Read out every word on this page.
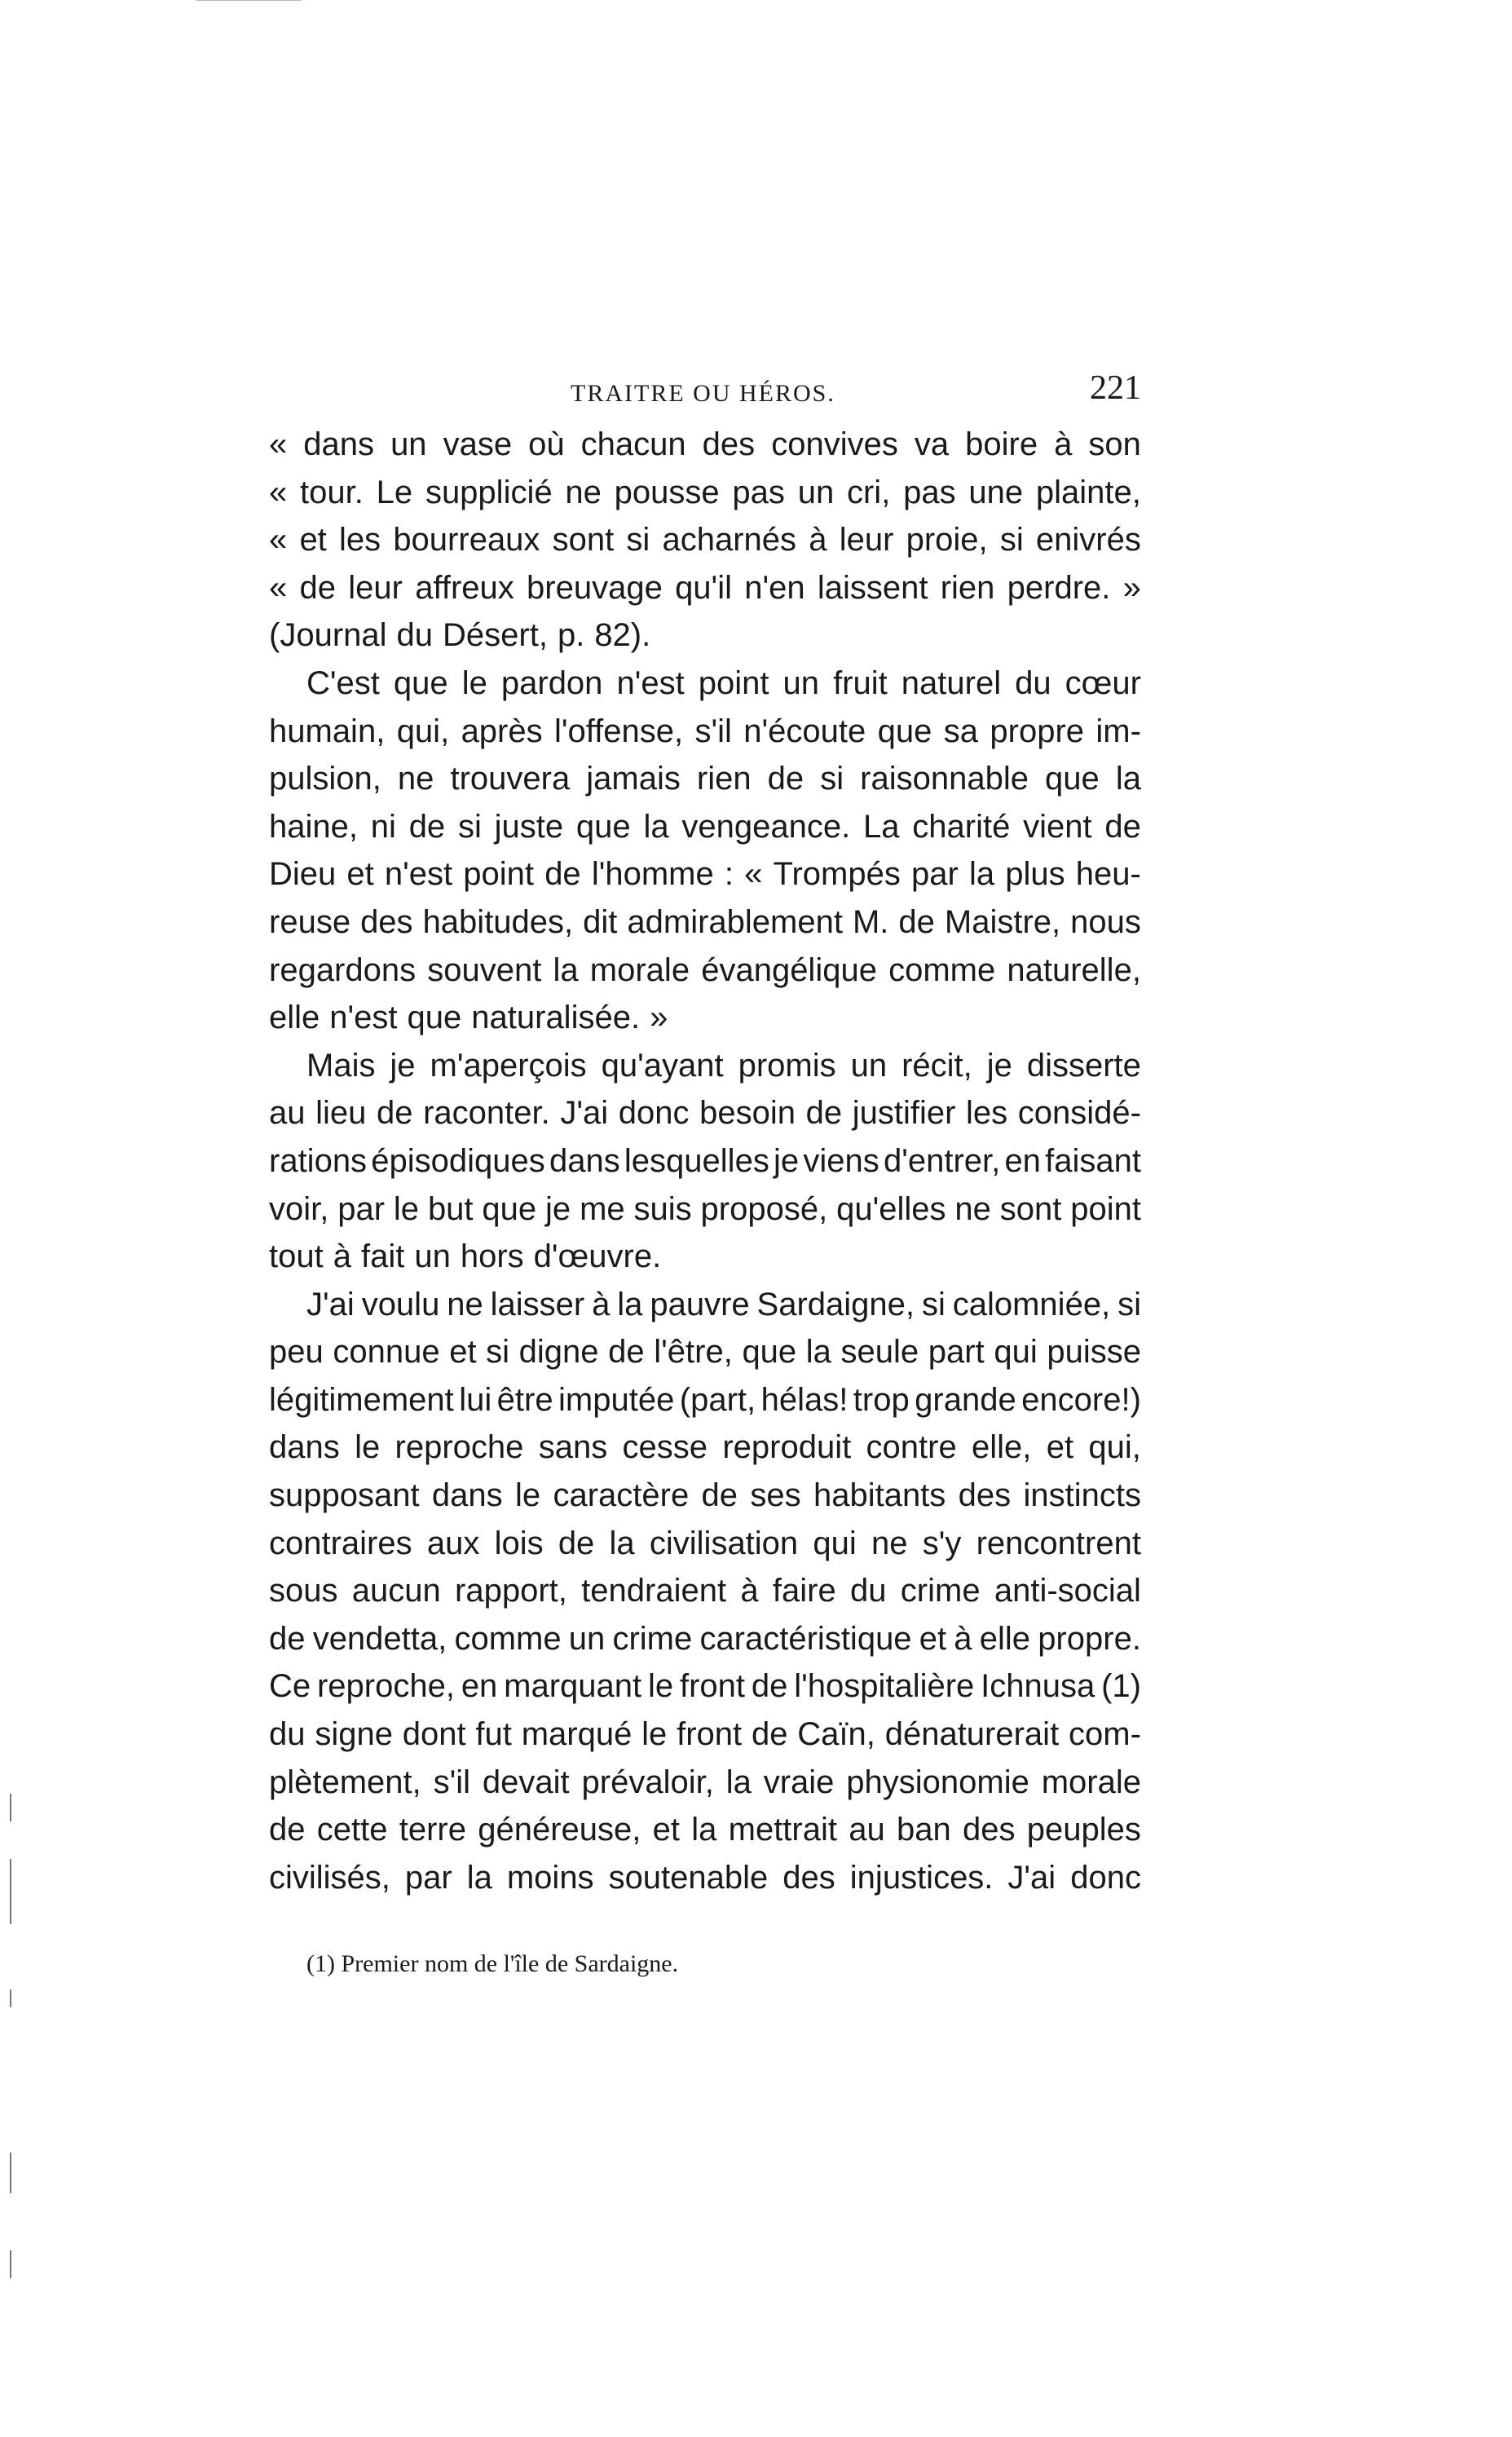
TRAITRE OU HÉROS.	221
« dans un vase où chacun des convives va boire à son
« tour. Le supplicié ne pousse pas un cri, pas une plainte,
« et les bourreaux sont si acharnés à leur proie, si enivrés
« de leur affreux breuvage qu'il n'en laissent rien perdre. »
(Journal du Désert, p. 82).
C'est que le pardon n'est point un fruit naturel du cœur
humain, qui, après l'offense, s'il n'écoute que sa propre im-
pulsion, ne trouvera jamais rien de si raisonnable que la
haine, ni de si juste que la vengeance. La charité vient de
Dieu et n'est point de l'homme : « Trompés par la plus heu-
reuse des habitudes, dit admirablement M. de Maistre, nous
regardons souvent la morale évangélique comme naturelle,
elle n'est que naturalisée. »
Mais je m'aperçois qu'ayant promis un récit, je disserte
au lieu de raconter. J'ai donc besoin de justifier les considé-
rations épisodiques dans lesquelles je viens d'entrer, en faisant
voir, par le but que je me suis proposé, qu'elles ne sont point
tout à fait un hors d'œuvre.
J'ai voulu ne laisser à la pauvre Sardaigne, si calomniée, si
peu connue et si digne de l'être, que la seule part qui puisse
légitimement lui être imputée (part, hélas! trop grande encore!)
dans le reproche sans cesse reproduit contre elle, et qui,
supposant dans le caractère de ses habitants des instincts
contraires aux lois de la civilisation qui ne s'y rencontrent
sous aucun rapport, tendraient à faire du crime anti-social
de vendetta, comme un crime caractéristique et à elle propre.
Ce reproche, en marquant le front de l'hospitalière Ichnusa (1)
du signe dont fut marqué le front de Caïn, dénaturerait com-
plètement, s'il devait prévaloir, la vraie physionomie morale
de cette terre généreuse, et la mettrait au ban des peuples
civilisés, par la moins soutenable des injustices. J'ai donc
(1) Premier nom de l'île de Sardaigne.
